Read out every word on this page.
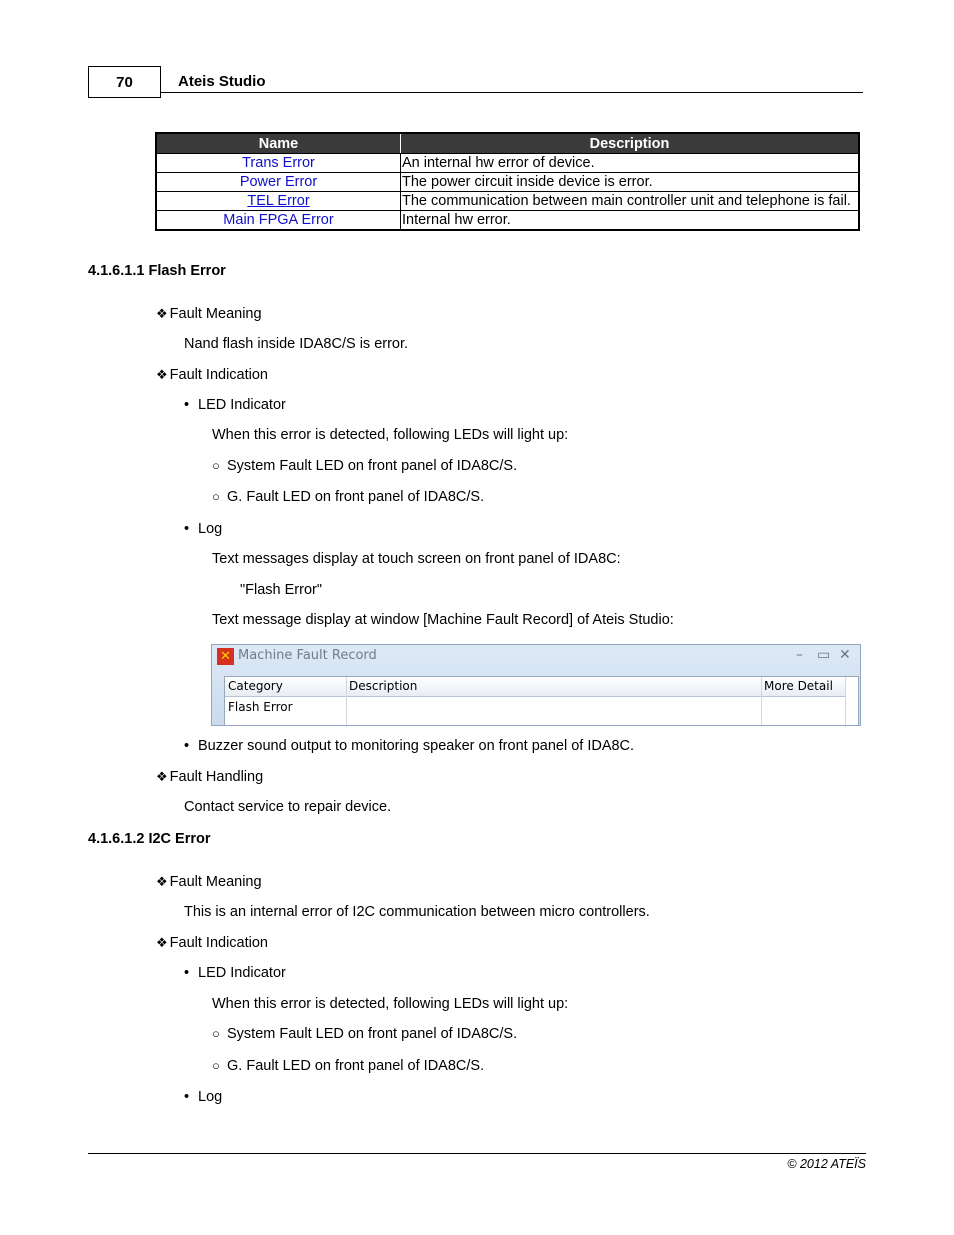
70	Ateis Studio
Name	Description
Trans Error	An internal hw error of device.
Power Error	The power circuit inside device is error.
TEL Error	The communication between main controller unit and telephone is fail.
Main FPGA Error	Internal hw error.
4.1.6.1.1 Flash Error
❖ Fault Meaning
Nand flash inside IDA8C/S is error.
❖ Fault Indication
• LED Indicator
When this error is detected, following LEDs will light up:
○ System Fault LED on front panel of IDA8C/S.
○ G. Fault LED on front panel of IDA8C/S.
• Log
Text messages display at touch screen on front panel of IDA8C:
"Flash Error"
Text message display at window [Machine Fault Record] of Ateis Studio:
✕ Machine Fault Record	– ▭ ✕
Category	Description	More Detail
Flash Error
• Buzzer sound output to monitoring speaker on front panel of IDA8C.
❖ Fault Handling
Contact service to repair device.
4.1.6.1.2 I2C Error
❖ Fault Meaning
This is an internal error of I2C communication between micro controllers.
❖ Fault Indication
• LED Indicator
When this error is detected, following LEDs will light up:
○ System Fault LED on front panel of IDA8C/S.
○ G. Fault LED on front panel of IDA8C/S.
• Log
© 2012 ATEÏS
